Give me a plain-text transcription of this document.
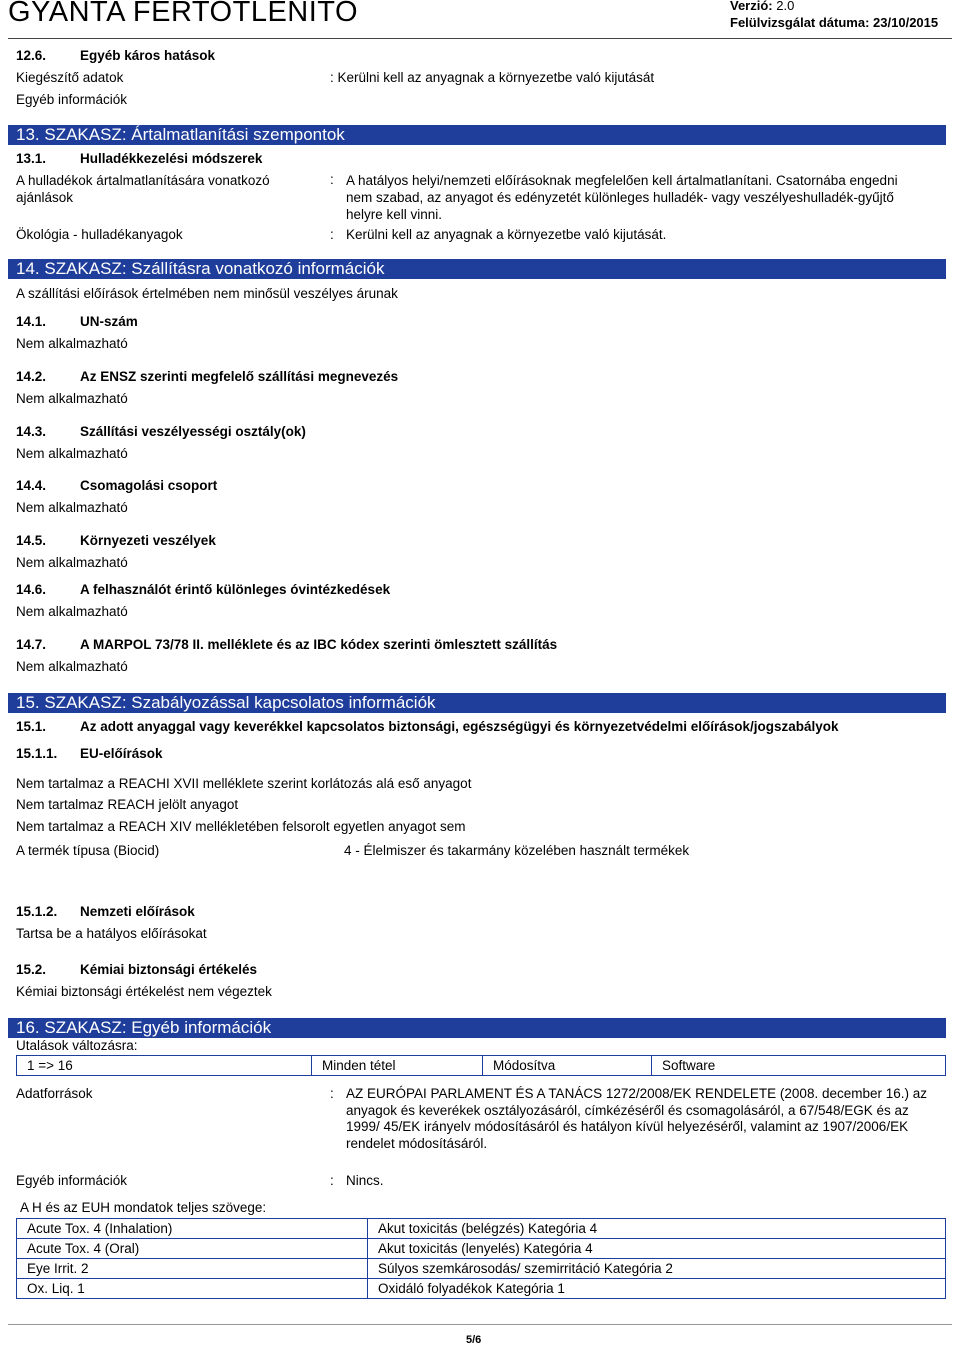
GYANTA FERTOTLENITO	Verzió: 2.0
Felülvizsgálat dátuma: 23/10/2015
12.6.	Egyéb káros hatások
Kiegészítő adatok	: Kerülni kell az anyagnak a környezetbe való kijutását
Egyéb információk
13. SZAKASZ: Ártalmatlanítási szempontok
13.1.	Hulladékkezelési módszerek
A hulladékok ártalmatlanítására vonatkozó
ajánlások
: A hatályos helyi/nemzeti előírásoknak megfelelően kell ártalmatlanítani. Csatornába engedni nem szabad, az anyagot és edényzetét különleges hulladék- vagy veszélyeshulladék-gyűjtő helyre kell vinni.
Ökológia - hulladékanyagok	: Kerülni kell az anyagnak a környezetbe való kijutását.
14. SZAKASZ: Szállításra vonatkozó információk
A szállítási előírások értelmében nem minősül veszélyes árunak
14.1.	UN-szám
Nem alkalmazható
14.2.	Az ENSZ szerinti megfelelő szállítási megnevezés
Nem alkalmazható
14.3.	Szállítási veszélyességi osztály(ok)
Nem alkalmazható
14.4.	Csomagolási csoport
Nem alkalmazható
14.5.	Környezeti veszélyek
Nem alkalmazható
14.6.	A felhasználót érintő különleges óvintézkedések
Nem alkalmazható
14.7.	A MARPOL 73/78 II. melléklete és az IBC kódex szerinti ömlesztett szállítás
Nem alkalmazható
15. SZAKASZ: Szabályozással kapcsolatos információk
15.1.	Az adott anyaggal vagy keverékkel kapcsolatos biztonsági, egészségügyi és környezetvédelmi előírások/jogszabályok
15.1.1. EU-előírások
Nem tartalmaz a REACHI XVII melléklete szerint korlátozás alá eső anyagot
Nem tartalmaz REACH jelölt anyagot
Nem tartalmaz a REACH XIV mellékletében felsorolt egyetlen anyagot sem
A termék típusa (Biocid)	4 - Élelmiszer és takarmány közelében használt termékek
15.1.2. Nemzeti előírások
Tartsa be a hatályos előírásokat
15.2.	Kémiai biztonsági értékelés
Kémiai biztonsági értékelést nem végeztek
16. SZAKASZ: Egyéb információk
Utalások változásra:
1 => 16	Minden tétel	Módosítva	Software
Adatforrások	: AZ EURÓPAI PARLAMENT ÉS A TANÁCS 1272/2008/EK RENDELETE (2008. december 16.) az anyagok és keverékek osztályozásáról, címkézéséről és csomagolásáról, a 67/548/EGK és az 1999/ 45/EK irányelv módosításáról és hatályon kívül helyezéséről, valamint az 1907/2006/EK rendelet módosításáról.
Egyéb információk	: Nincs.
A H és az EUH mondatok teljes szövege:
Acute Tox. 4 (Inhalation)	Akut toxicitás (belégzés) Kategória 4
Acute Tox. 4 (Oral)	Akut toxicitás (lenyelés) Kategória 4
Eye Irrit. 2	Súlyos szemkárosodás/ szemirritáció Kategória 2
Ox. Liq. 1	Oxidáló folyadékok Kategória 1
5/6
